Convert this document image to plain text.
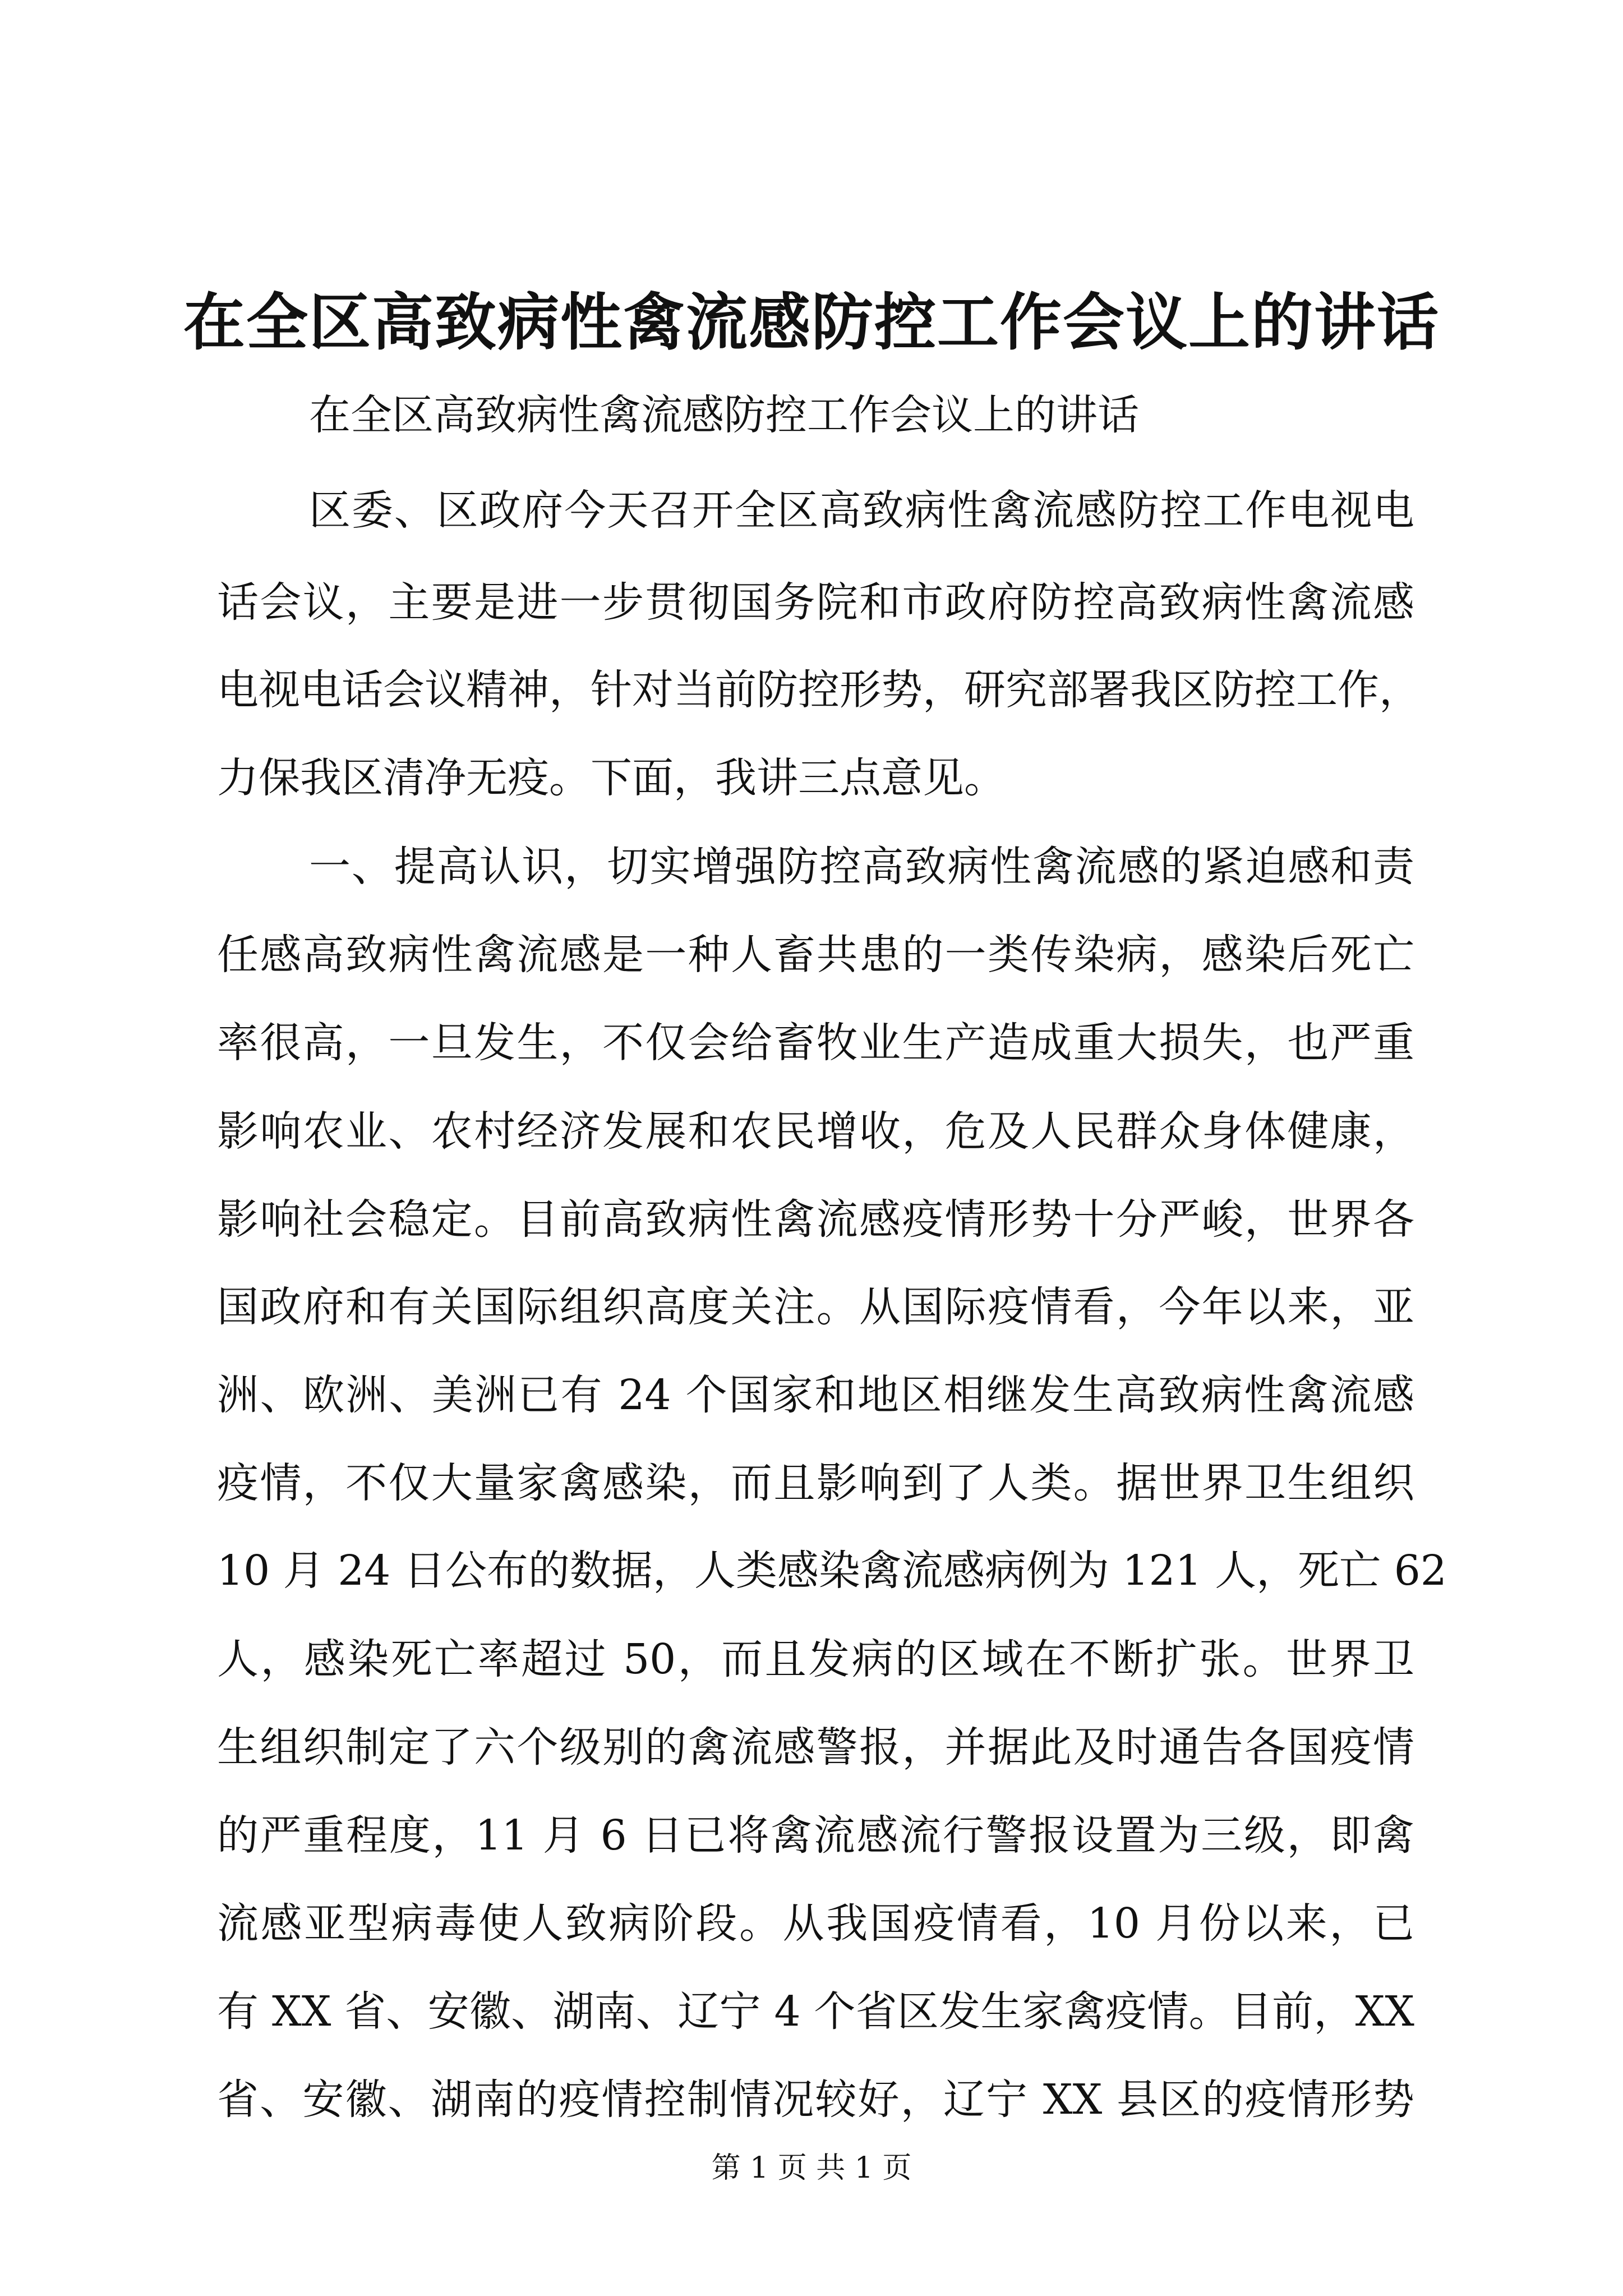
在全区高致病性禽流感防控工作会议上的讲话
在全区高致病性禽流感防控工作会议上的讲话
区委、区政府今天召开全区高致病性禽流感防控工作电视电
话会议，主要是进一步贯彻国务院和市政府防控高致病性禽流感
电视电话会议精神，针对当前防控形势，研究部署我区防控工作，
力保我区清净无疫。下面，我讲三点意见。
一、提高认识，切实增强防控高致病性禽流感的紧迫感和责
任感高致病性禽流感是一种人畜共患的一类传染病，感染后死亡
率很高，一旦发生，不仅会给畜牧业生产造成重大损失，也严重
影响农业、农村经济发展和农民增收，危及人民群众身体健康，
影响社会稳定。目前高致病性禽流感疫情形势十分严峻，世界各
国政府和有关国际组织高度关注。从国际疫情看，今年以来，亚
洲、欧洲、美洲已有 24 个国家和地区相继发生高致病性禽流感
疫情，不仅大量家禽感染，而且影响到了人类。据世界卫生组织
10 月 24 日公布的数据，人类感染禽流感病例为 121 人，死亡 62
人，感染死亡率超过 50，而且发病的区域在不断扩张。世界卫
生组织制定了六个级别的禽流感警报，并据此及时通告各国疫情
的严重程度，11 月 6 日已将禽流感流行警报设置为三级，即禽
流感亚型病毒使人致病阶段。从我国疫情看，10 月份以来，已
有 XX 省、安徽、湖南、辽宁 4 个省区发生家禽疫情。目前，XX
省、安徽、湖南的疫情控制情况较好，辽宁 XX 县区的疫情形势
第 1 页 共 1 页
